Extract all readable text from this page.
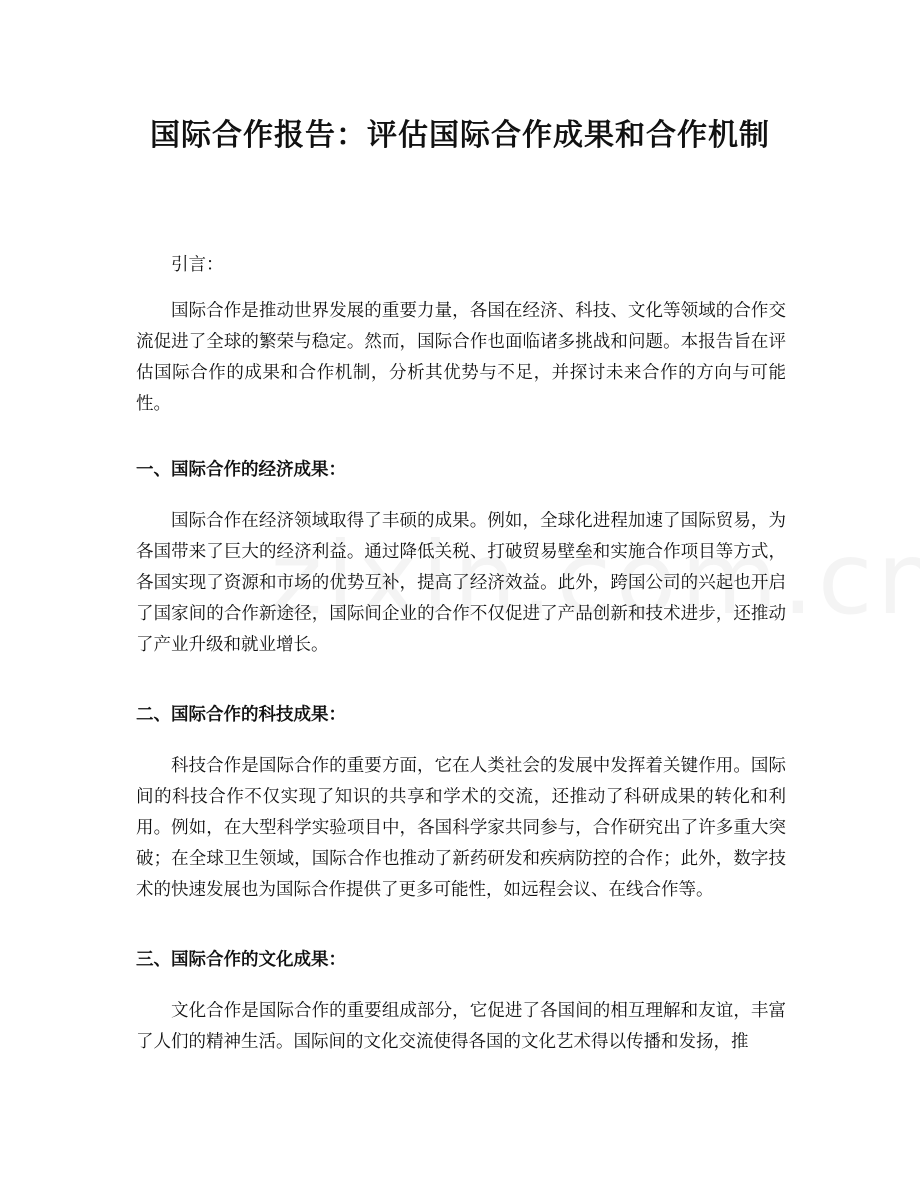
国际合作报告：评估国际合作成果和合作机制

引言：

国际合作是推动世界发展的重要力量，各国在经济、科技、文化等领域的合作交流促进了全球的繁荣与稳定。然而，国际合作也面临诸多挑战和问题。本报告旨在评估国际合作的成果和合作机制，分析其优势与不足，并探讨未来合作的方向与可能性。

一、国际合作的经济成果：

国际合作在经济领域取得了丰硕的成果。例如，全球化进程加速了国际贸易，为各国带来了巨大的经济利益。通过降低关税、打破贸易壁垒和实施合作项目等方式，各国实现了资源和市场的优势互补，提高了经济效益。此外，跨国公司的兴起也开启了国家间的合作新途径，国际间企业的合作不仅促进了产品创新和技术进步，还推动了产业升级和就业增长。

二、国际合作的科技成果：

科技合作是国际合作的重要方面，它在人类社会的发展中发挥着关键作用。国际间的科技合作不仅实现了知识的共享和学术的交流，还推动了科研成果的转化和利用。例如，在大型科学实验项目中，各国科学家共同参与，合作研究出了许多重大突破；在全球卫生领域，国际合作也推动了新药研发和疾病防控的合作；此外，数字技术的快速发展也为国际合作提供了更多可能性，如远程会议、在线合作等。

三、国际合作的文化成果：

文化合作是国际合作的重要组成部分，它促进了各国间的相互理解和友谊，丰富了人们的精神生活。国际间的文化交流使得各国的文化艺术得以传播和发扬，推
